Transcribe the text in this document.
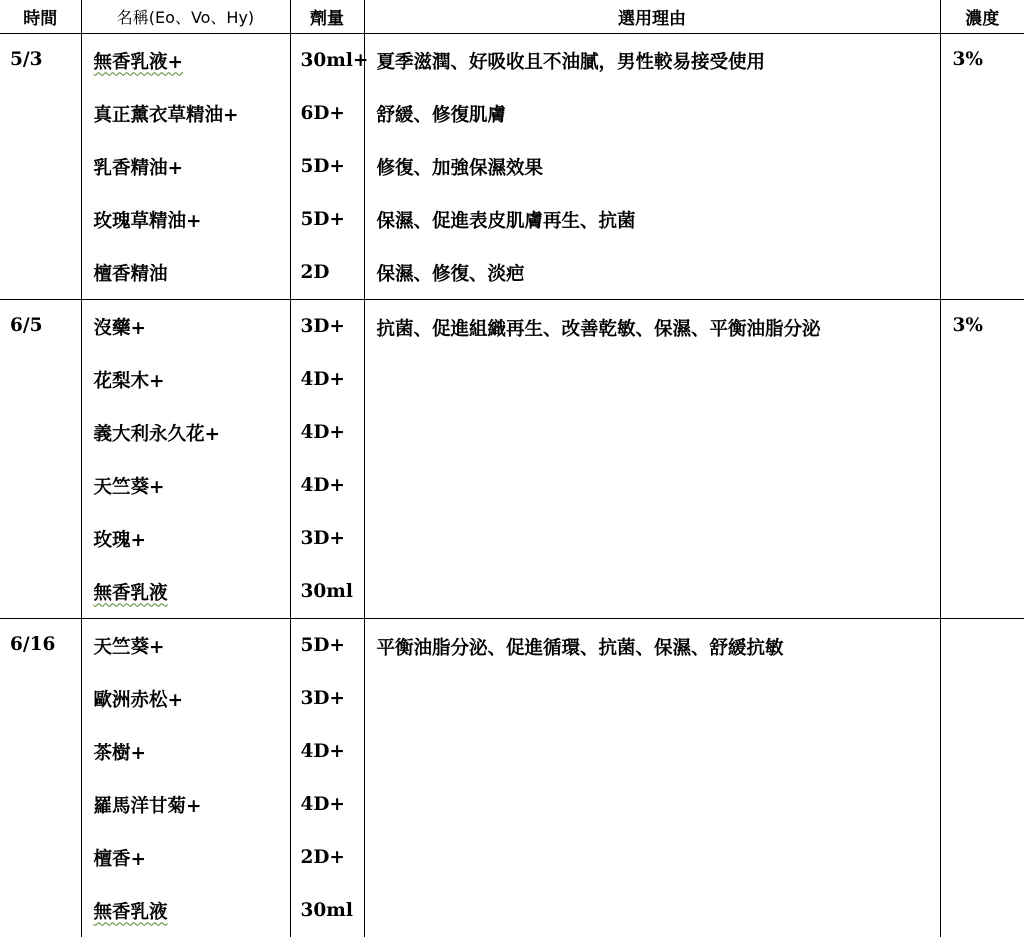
時間	名稱(Eo、Vo、Hy)	劑量	選用理由	濃度
5/3	無香乳液+	30ml+	夏季滋潤、好吸收且不油膩，男性較易接受使用	3%
	真正薰衣草精油+	6D+	舒緩、修復肌膚	
	乳香精油+	5D+	修復、加強保濕效果	
	玫瑰草精油+	5D+	保濕、促進表皮肌膚再生、抗菌	
	檀香精油	2D	保濕、修復、淡疤	
6/5	沒藥+	3D+	抗菌、促進組織再生、改善乾敏、保濕、平衡油脂分泌	3%
	花梨木+	4D+		
	義大利永久花+	4D+		
	天竺葵+	4D+		
	玫瑰+	3D+		
	無香乳液	30ml		
6/16	天竺葵+	5D+	平衡油脂分泌、促進循環、抗菌、保濕、舒緩抗敏	
	歐洲赤松+	3D+		
	茶樹+	4D+		
	羅馬洋甘菊+	4D+		
	檀香+	2D+		
	無香乳液	30ml		
